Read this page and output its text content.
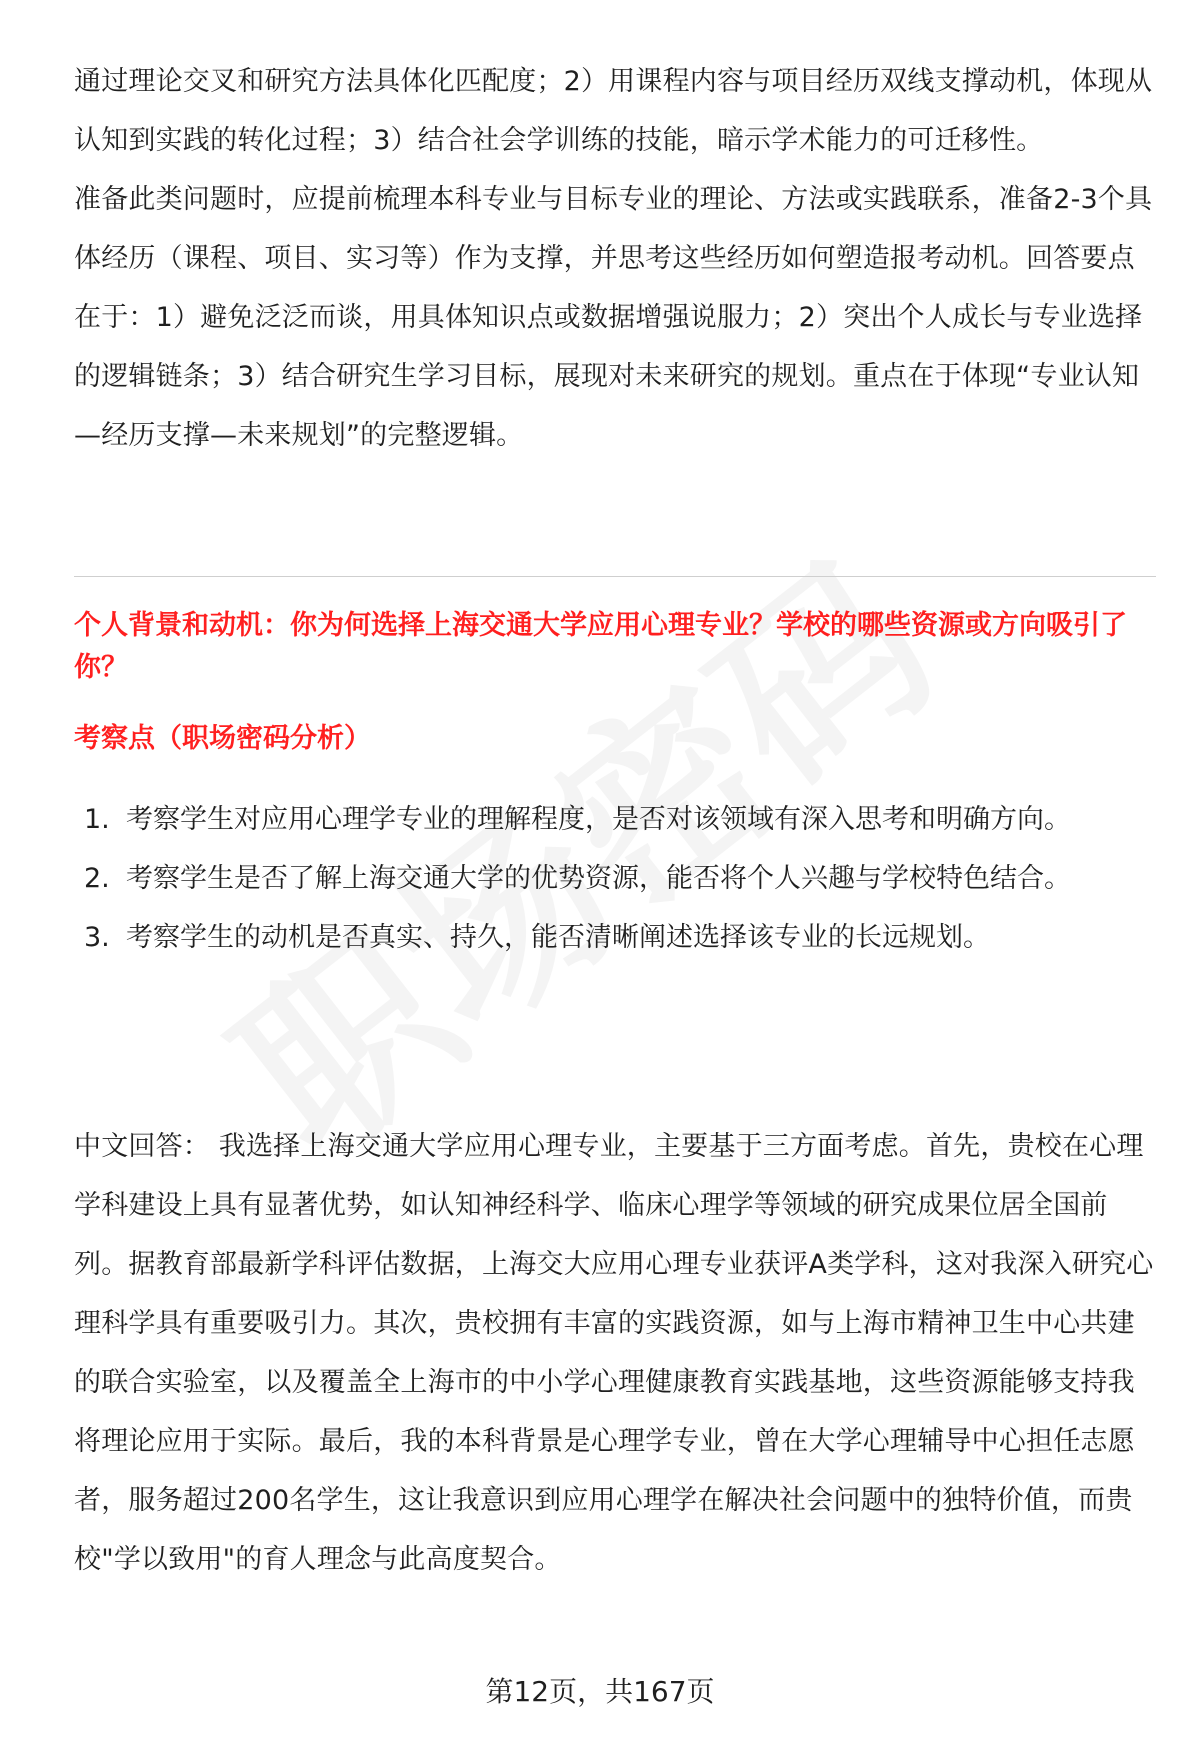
通过理论交叉和研究方法具体化匹配度；2）用课程内容与项目经历双线支撑动机，体现从认知到实践的转化过程；3）结合社会学训练的技能，暗示学术能力的可迁移性。

准备此类问题时，应提前梳理本科专业与目标专业的理论、方法或实践联系，准备2-3个具体经历（课程、项目、实习等）作为支撑，并思考这些经历如何塑造报考动机。回答要点在于：1）避免泛泛而谈，用具体知识点或数据增强说服力；2）突出个人成长与专业选择的逻辑链条；3）结合研究生学习目标，展现对未来研究的规划。重点在于体现“专业认知—经历支撑—未来规划”的完整逻辑。

个人背景和动机：你为何选择上海交通大学应用心理专业？学校的哪些资源或方向吸引了你？
考察点（职场密码分析）
1. 考察学生对应用心理学专业的理解程度，是否对该领域有深入思考和明确方向。
2. 考察学生是否了解上海交通大学的优势资源，能否将个人兴趣与学校特色结合。
3. 考察学生的动机是否真实、持久，能否清晰阐述选择该专业的长远规划。

中文回答： 我选择上海交通大学应用心理专业，主要基于三方面考虑。首先，贵校在心理学科建设上具有显著优势，如认知神经科学、临床心理学等领域的研究成果位居全国前列。据教育部最新学科评估数据，上海交大应用心理专业获评A类学科，这对我深入研究心理科学具有重要吸引力。其次，贵校拥有丰富的实践资源，如与上海市精神卫生中心共建的联合实验室，以及覆盖全上海市的中小学心理健康教育实践基地，这些资源能够支持我将理论应用于实际。最后，我的本科背景是心理学专业，曾在大学心理辅导中心担任志愿者，服务超过200名学生，这让我意识到应用心理学在解决社会问题中的独特价值，而贵校"学以致用"的育人理念与此高度契合。

第12页，共167页
